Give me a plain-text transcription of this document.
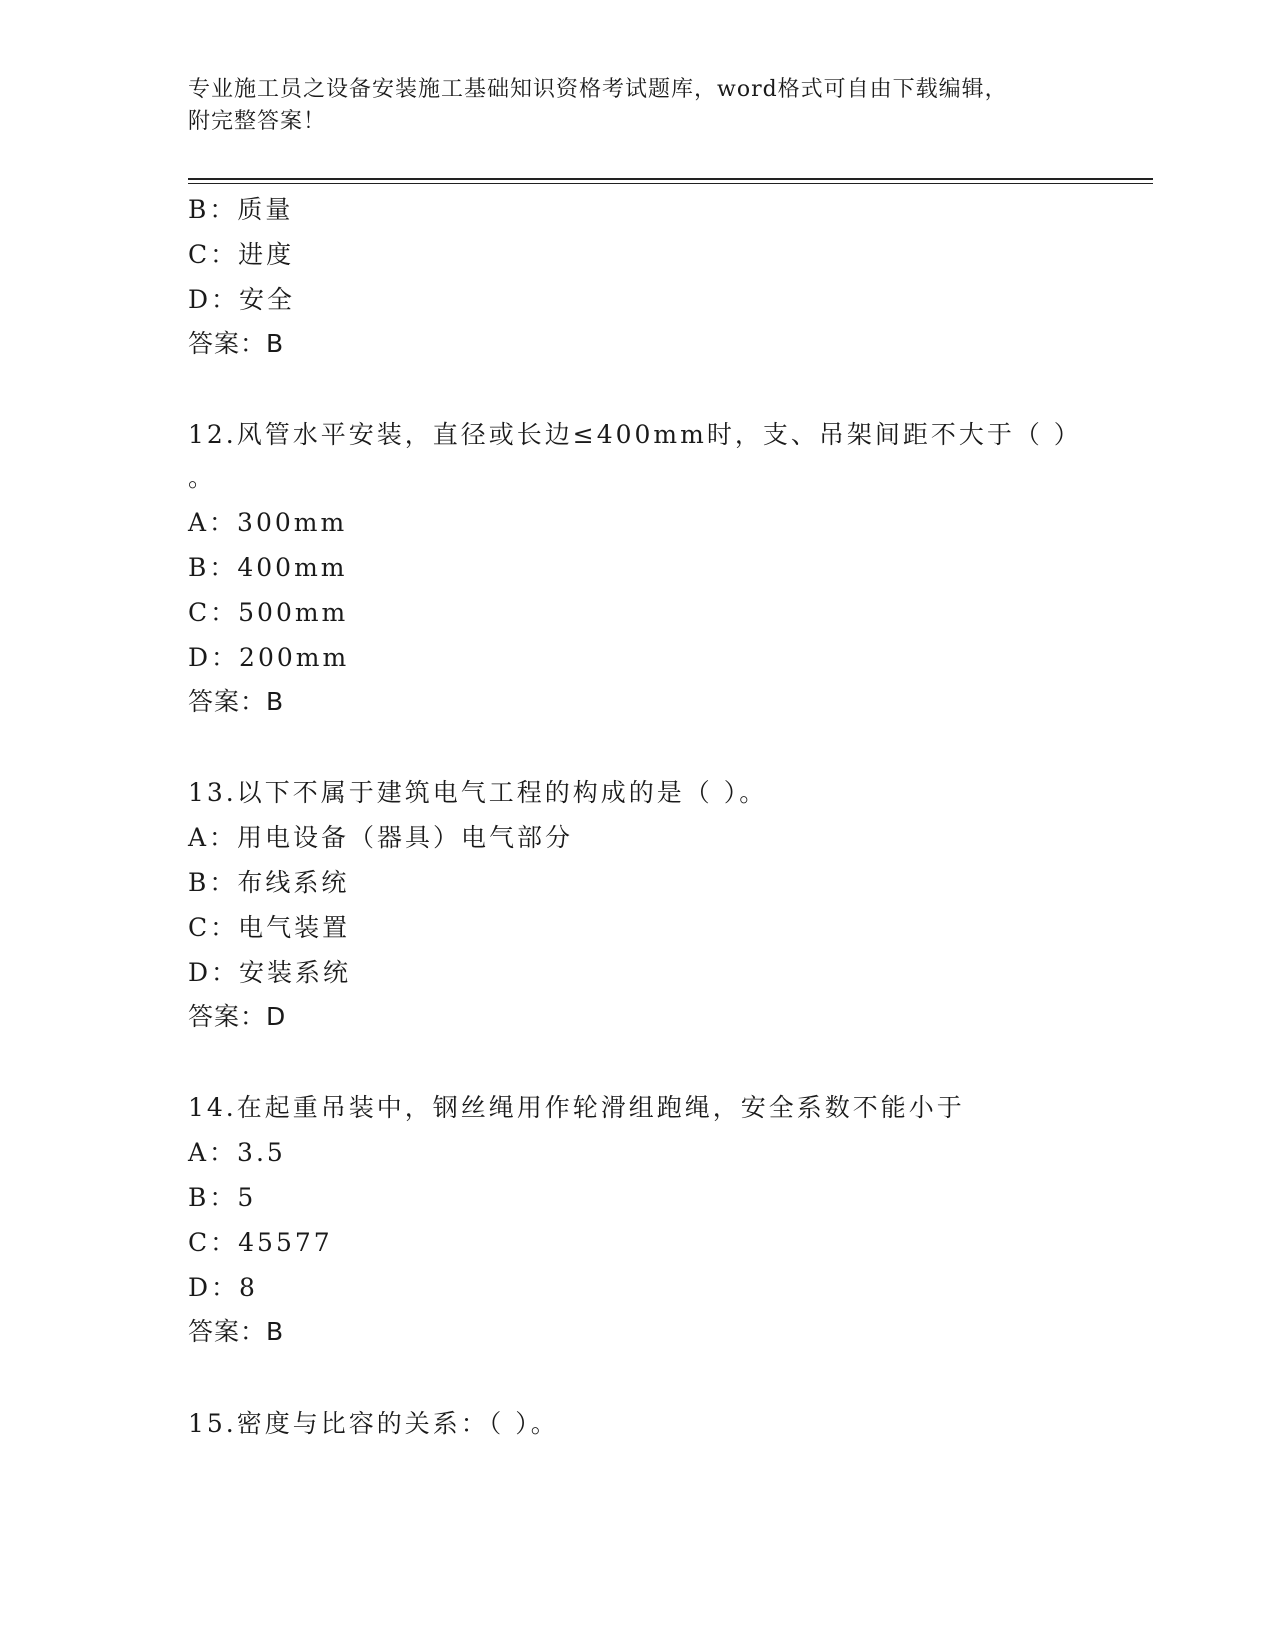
专业施工员之设备安装施工基础知识资格考试题库，word格式可自由下载编辑，
附完整答案！
B：质量
C：进度
D：安全
答案：B
12.风管水平安装，直径或长边≤400mm时，支、吊架间距不大于（ ）
。
A：300mm
B：400mm
C：500mm
D：200mm
答案：B
13.以下不属于建筑电气工程的构成的是（ ）。
A：用电设备（器具）电气部分
B：布线系统
C：电气装置
D：安装系统
答案：D
14.在起重吊装中，钢丝绳用作轮滑组跑绳，安全系数不能小于
A：3.5
B：5
C：45577
D：8
答案：B
15.密度与比容的关系：（ ）。
